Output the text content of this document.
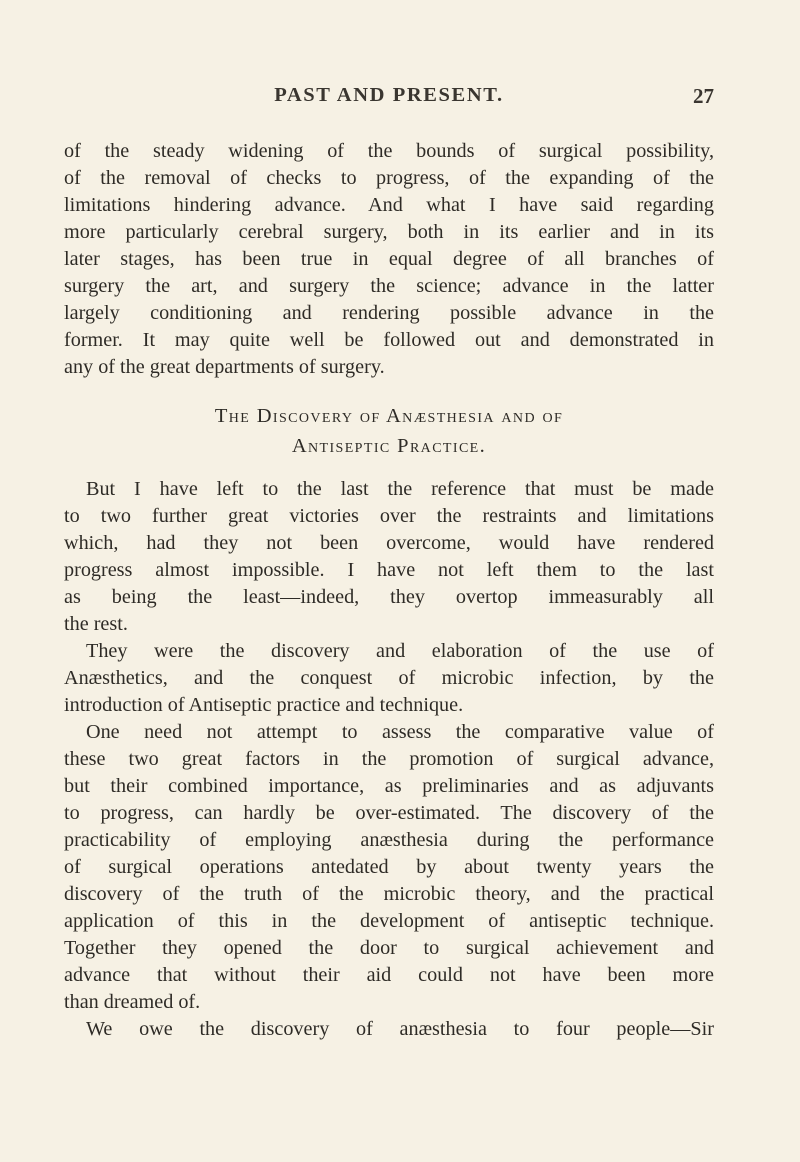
PAST AND PRESENT.	27
of the steady widening of the bounds of surgical possibility,
of the removal of checks to progress, of the expanding of the
limitations hindering advance. And what I have said regarding
more particularly cerebral surgery, both in its earlier and in its
later stages, has been true in equal degree of all branches of
surgery the art, and surgery the science; advance in the latter
largely conditioning and rendering possible advance in the
former. It may quite well be followed out and demonstrated in
any of the great departments of surgery.
The Discovery of Anæsthesia and of
Antiseptic Practice.
But I have left to the last the reference that must be made
to two further great victories over the restraints and limitations
which, had they not been overcome, would have rendered
progress almost impossible. I have not left them to the last
as being the least—indeed, they overtop immeasurably all
the rest.
They were the discovery and elaboration of the use of
Anæsthetics, and the conquest of microbic infection, by the
introduction of Antiseptic practice and technique.
One need not attempt to assess the comparative value of
these two great factors in the promotion of surgical advance,
but their combined importance, as preliminaries and as adjuvants
to progress, can hardly be over-estimated. The discovery of the
practicability of employing anæsthesia during the performance
of surgical operations antedated by about twenty years the
discovery of the truth of the microbic theory, and the practical
application of this in the development of antiseptic technique.
Together they opened the door to surgical achievement and
advance that without their aid could not have been more
than dreamed of.
We owe the discovery of anæsthesia to four people—Sir
